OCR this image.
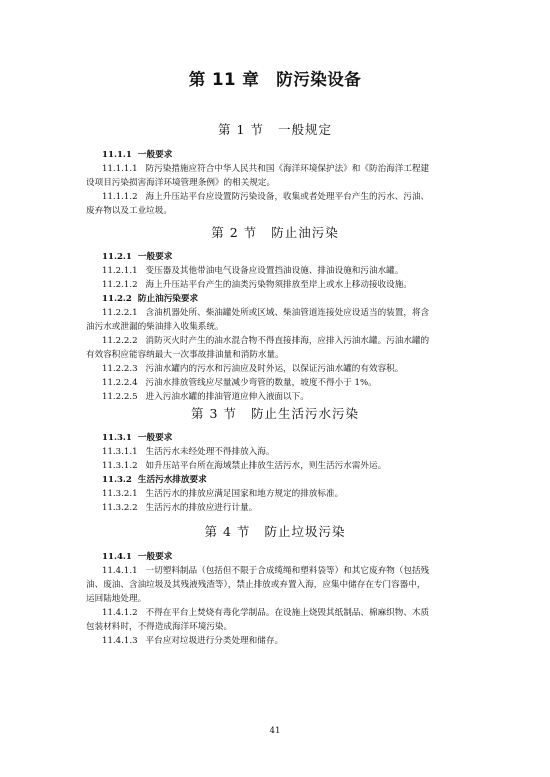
第 11 章　防污染设备
第 1 节 一般规定
11.1.1 一般要求
11.1.1.1 防污染措施应符合中华人民共和国《海洋环境保护法》和《防治海洋工程建
设项目污染损害海洋环境管理条例》的相关规定。
11.1.1.2 海上升压站平台应设置防污染设备，收集或者处理平台产生的污水、污油、
废弃物以及工业垃圾。
第 2 节 防止油污染
11.2.1 一般要求
11.2.1.1 变压器及其他带油电气设备应设置挡油设施、排油设施和污油水罐。
11.2.1.2 海上升压站平台产生的油类污染物须排放至岸上或水上移动接收设施。
11.2.2 防止油污染要求
11.2.2.1 含油机器处所、柴油罐处所或区域、柴油管道连接处应设适当的装置，将含
油污水或泄漏的柴油排入收集系统。
11.2.2.2 消防灭火时产生的油水混合物不得直接排海，应排入污油水罐。污油水罐的
有效容积应能容纳最大一次事故排油量和消防水量。
11.2.2.3 污油水罐内的污水和污油应及时外运，以保证污油水罐的有效容积。
11.2.2.4 污油水排放管线应尽量减少弯管的数量，坡度不得小于 1%。
11.2.2.5 进入污油水罐的排油管道应伸入液面以下。
第 3 节 防止生活污水污染
11.3.1 一般要求
11.3.1.1 生活污水未经处理不得排放入海。
11.3.1.2 如升压站平台所在海域禁止排放生活污水，则生活污水需外运。
11.3.2 生活污水排放要求
11.3.2.1 生活污水的排放应满足国家和地方规定的排放标准。
11.3.2.2 生活污水的排放应进行计量。
第 4 节 防止垃圾污染
11.4.1 一般要求
11.4.1.1 一切塑料制品（包括但不限于合成缆绳和塑料袋等）和其它废弃物（包括残
油、废油、含油垃圾及其残液残渣等），禁止排放或弃置入海，应集中储存在专门容器中，
运回陆地处理。
11.4.1.2 不得在平台上焚烧有毒化学制品。在设施上烧毁其纸制品、棉麻织物、木质
包装材料时，不得造成海洋环境污染。
11.4.1.3 平台应对垃圾进行分类处理和储存。
41
